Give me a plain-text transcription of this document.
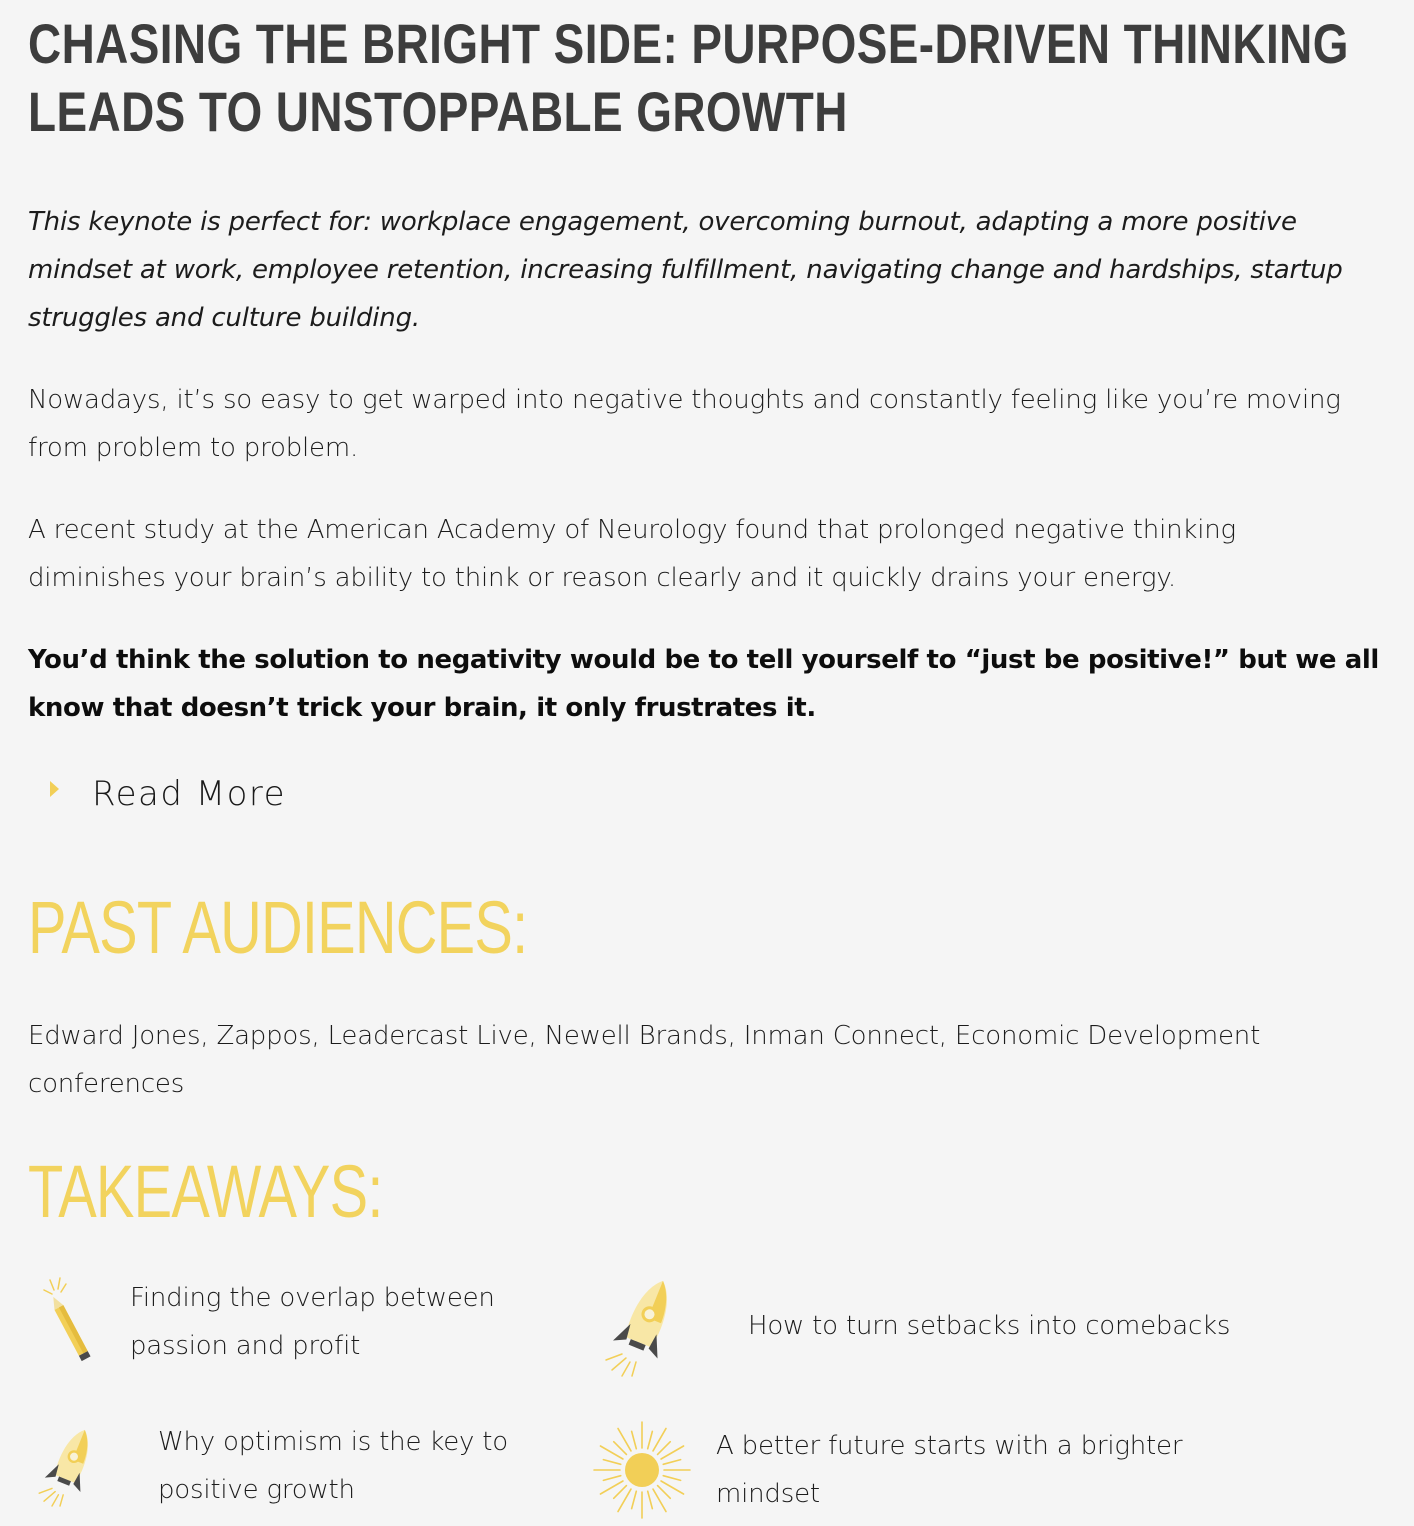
CHASING THE BRIGHT SIDE: PURPOSE-DRIVEN THINKING
LEADS TO UNSTOPPABLE GROWTH

This keynote is perfect for: workplace engagement, overcoming burnout, adapting a more positive
mindset at work, employee retention, increasing fulfillment, navigating change and hardships, startup
struggles and culture building.

Nowadays, it’s so easy to get warped into negative thoughts and constantly feeling like you’re moving
from problem to problem.

A recent study at the American Academy of Neurology found that prolonged negative thinking
diminishes your brain’s ability to think or reason clearly and it quickly drains your energy.

You’d think the solution to negativity would be to tell yourself to “just be positive!” but we all
know that doesn’t trick your brain, it only frustrates it.

Read More
PAST AUDIENCES:

Edward Jones, Zappos, Leadercast Live, Newell Brands, Inman Connect, Economic Development
conferences

TAKEAWAYS:
Finding the overlap between
passion and profit
How to turn setbacks into comebacks
Why optimism is the key to
positive growth
A better future starts with a brighter
mindset
